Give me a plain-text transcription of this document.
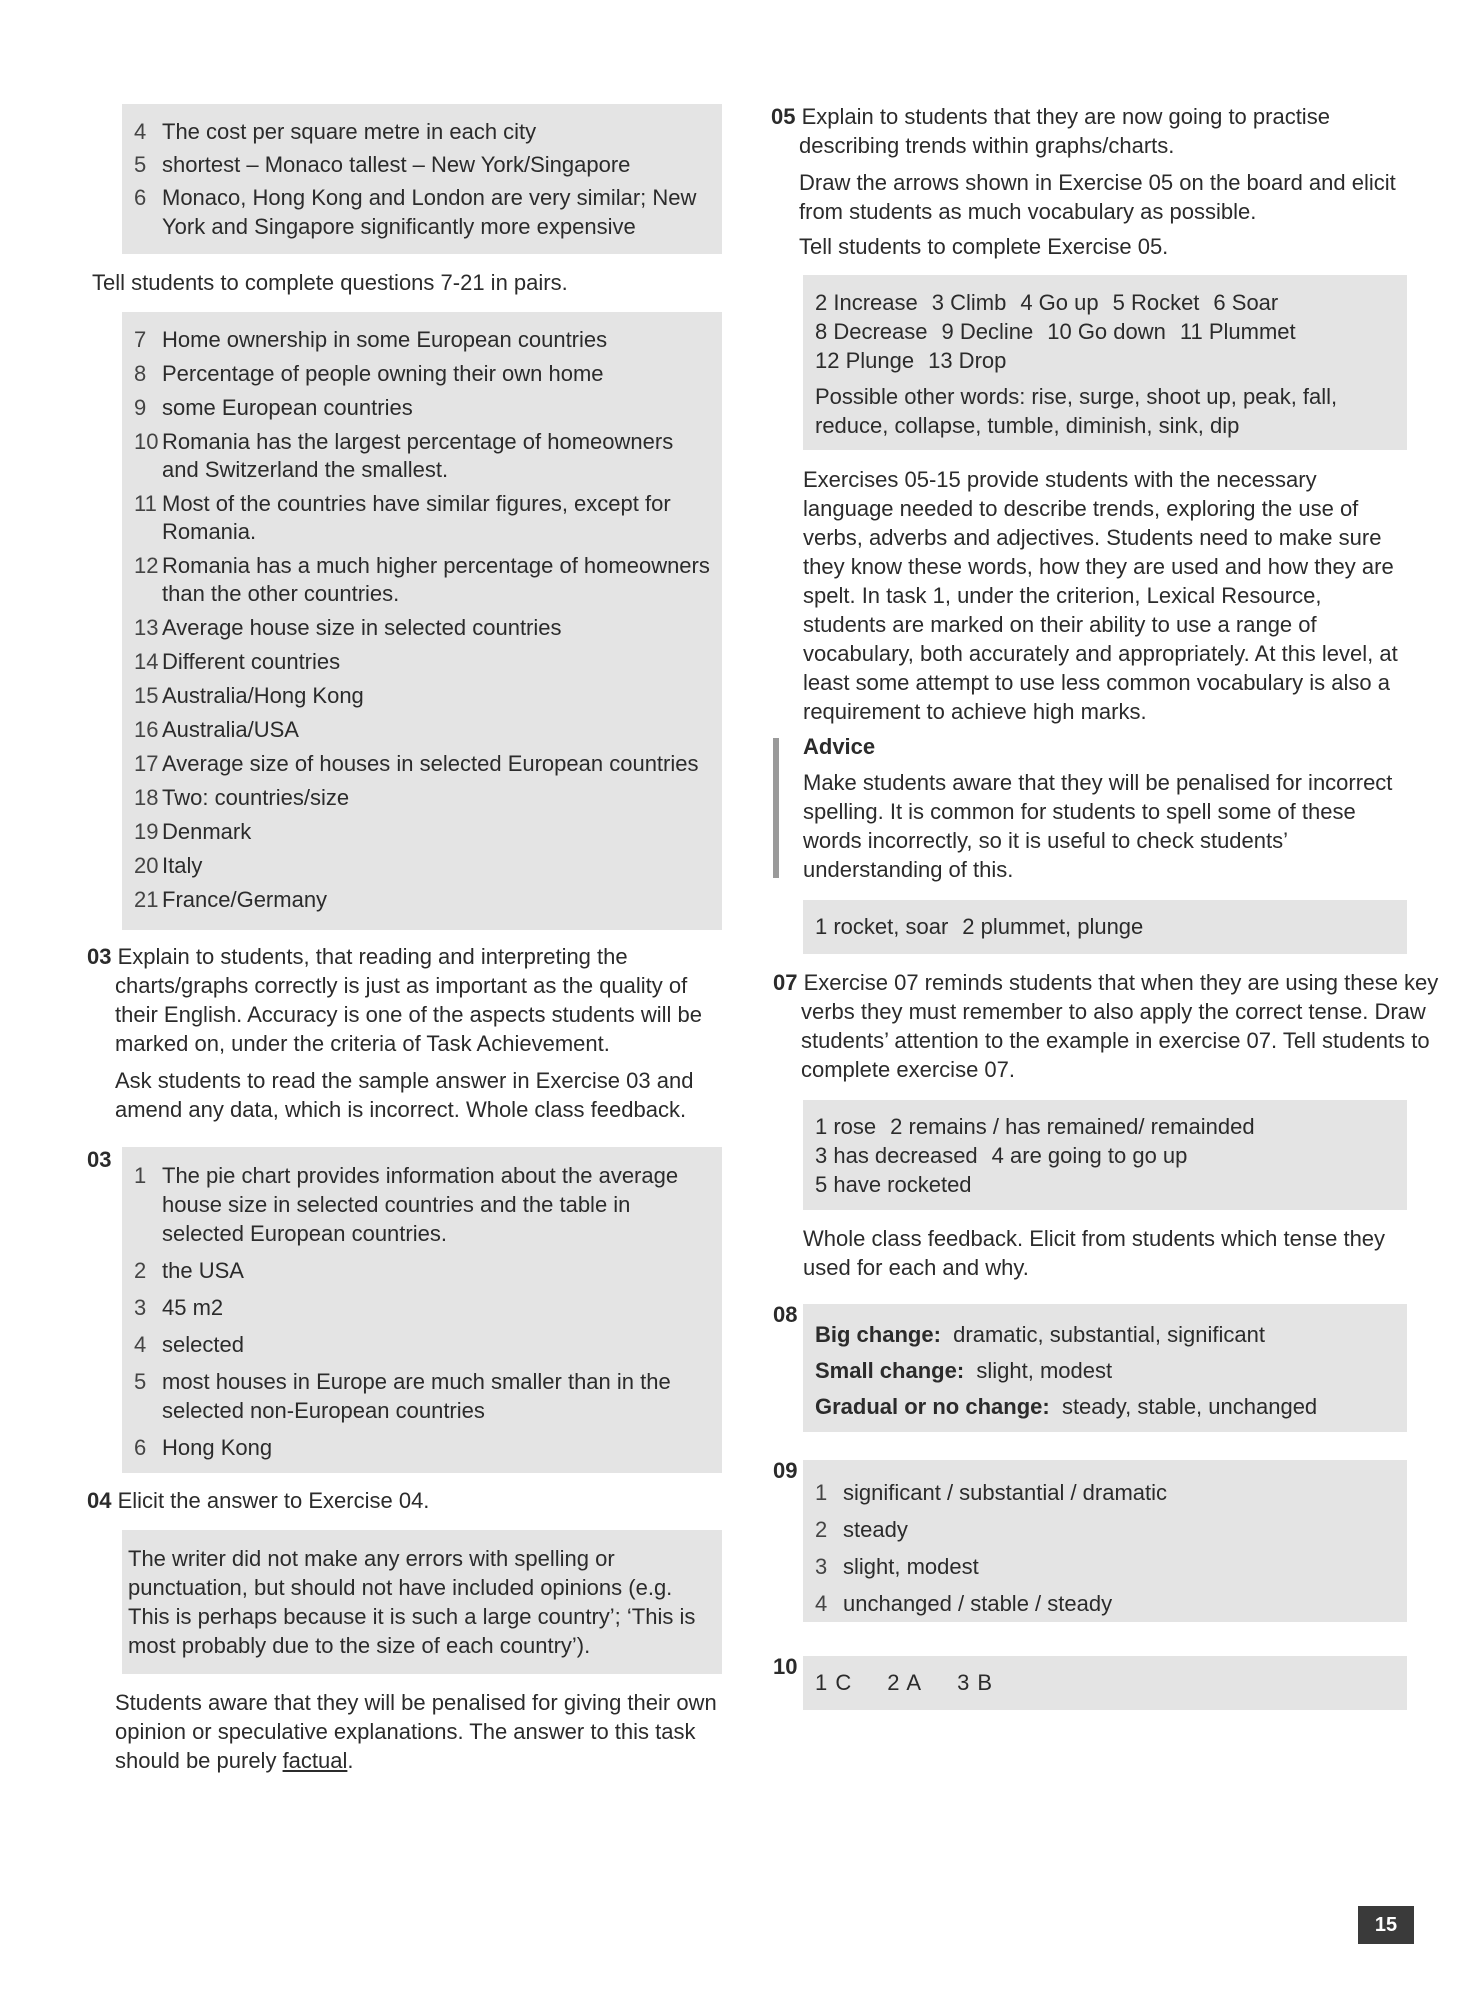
4 The cost per square metre in each city
5 shortest – Monaco tallest – New York/Singapore
6 Monaco, Hong Kong and London are very similar; New York and Singapore significantly more expensive

Tell students to complete questions 7-21 in pairs.

7 Home ownership in some European countries
8 Percentage of people owning their own home
9 some European countries
10 Romania has the largest percentage of homeowners and Switzerland the smallest.
11 Most of the countries have similar figures, except for Romania.
12 Romania has a much higher percentage of homeowners than the other countries.
13 Average house size in selected countries
14 Different countries
15 Australia/Hong Kong
16 Australia/USA
17 Average size of houses in selected European countries
18 Two: countries/size
19 Denmark
20 Italy
21 France/Germany

03 Explain to students, that reading and interpreting the charts/graphs correctly is just as important as the quality of their English. Accuracy is one of the aspects students will be marked on, under the criteria of Task Achievement.

Ask students to read the sample answer in Exercise 03 and amend any data, which is incorrect. Whole class feedback.

03
1 The pie chart provides information about the average house size in selected countries and the table in selected European countries.
2 the USA
3 45 m2
4 selected
5 most houses in Europe are much smaller than in the selected non-European countries
6 Hong Kong

04 Elicit the answer to Exercise 04.

The writer did not make any errors with spelling or punctuation, but should not have included opinions (e.g. This is perhaps because it is such a large country’; ‘This is most probably due to the size of each country’).

Students aware that they will be penalised for giving their own opinion or speculative explanations. The answer to this task should be purely factual.

05 Explain to students that they are now going to practise describing trends within graphs/charts.

Draw the arrows shown in Exercise 05 on the board and elicit from students as much vocabulary as possible.

Tell students to complete Exercise 05.

2 Increase 3 Climb 4 Go up 5 Rocket 6 Soar
8 Decrease 9 Decline 10 Go down 11 Plummet
12 Plunge 13 Drop

Possible other words: rise, surge, shoot up, peak, fall, reduce, collapse, tumble, diminish, sink, dip

Exercises 05-15 provide students with the necessary language needed to describe trends, exploring the use of verbs, adverbs and adjectives. Students need to make sure they know these words, how they are used and how they are spelt. In task 1, under the criterion, Lexical Resource, students are marked on their ability to use a range of vocabulary, both accurately and appropriately. At this level, at least some attempt to use less common vocabulary is also a requirement to achieve high marks.

Advice

Make students aware that they will be penalised for incorrect spelling. It is common for students to spell some of these words incorrectly, so it is useful to check students’ understanding of this.

1 rocket, soar 2 plummet, plunge

07 Exercise 07 reminds students that when they are using these key verbs they must remember to also apply the correct tense. Draw students’ attention to the example in exercise 07. Tell students to complete exercise 07.

1 rose 2 remains / has remained/ remainded
3 has decreased 4 are going to go up
5 have rocketed

Whole class feedback. Elicit from students which tense they used for each and why.

08
Big change: dramatic, substantial, significant
Small change: slight, modest
Gradual or no change: steady, stable, unchanged
09
1 significant / substantial / dramatic
2 steady
3 slight, modest
4 unchanged / stable / steady
10
1 C 2 A 3 B
15
